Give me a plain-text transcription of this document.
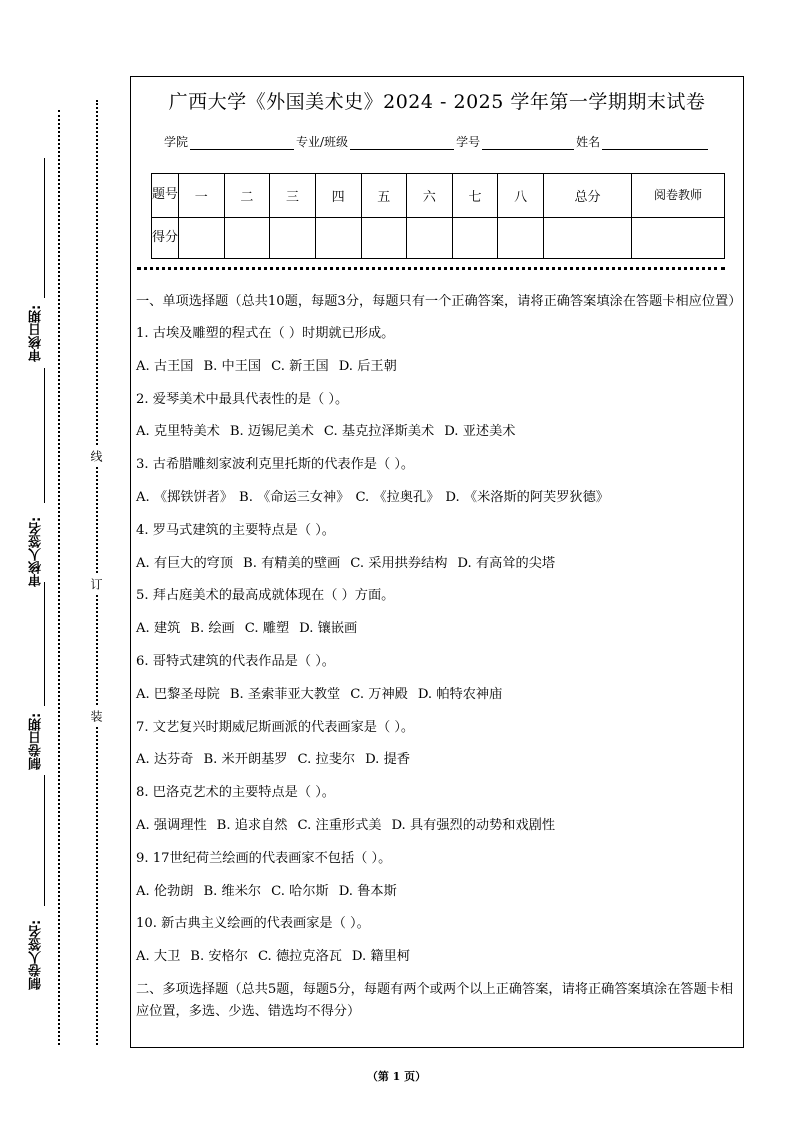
审核日期:
审核人签名:
制卷日期:
制卷人签名:
线
订
装
广西大学《外国美术史》2024 - 2025 学年第一学期期末试卷
学院	专业/班级	学号	姓名
题号	一	二	三	四	五	六	七	八	总分	阅卷教师
得分										
一、单项选择题（总共10题，每题3分，每题只有一个正确答案，请将正确答案填涂在答题卡相应位置）
1. 古埃及雕塑的程式在（ ）时期就已形成。
A. 古王国 B. 中王国 C. 新王国 D. 后王朝
2. 爱琴美术中最具代表性的是（ ）。
A. 克里特美术 B. 迈锡尼美术 C. 基克拉泽斯美术 D. 亚述美术
3. 古希腊雕刻家波利克里托斯的代表作是（ ）。
A. 《掷铁饼者》 B. 《命运三女神》 C. 《拉奥孔》 D. 《米洛斯的阿芙罗狄德》
4. 罗马式建筑的主要特点是（ ）。
A. 有巨大的穹顶 B. 有精美的壁画 C. 采用拱券结构 D. 有高耸的尖塔
5. 拜占庭美术的最高成就体现在（ ）方面。
A. 建筑 B. 绘画 C. 雕塑 D. 镶嵌画
6. 哥特式建筑的代表作品是（ ）。
A. 巴黎圣母院 B. 圣索菲亚大教堂 C. 万神殿 D. 帕特农神庙
7. 文艺复兴时期威尼斯画派的代表画家是（ ）。
A. 达芬奇 B. 米开朗基罗 C. 拉斐尔 D. 提香
8. 巴洛克艺术的主要特点是（ ）。
A. 强调理性 B. 追求自然 C. 注重形式美 D. 具有强烈的动势和戏剧性
9. 17世纪荷兰绘画的代表画家不包括（ ）。
A. 伦勃朗 B. 维米尔 C. 哈尔斯 D. 鲁本斯
10. 新古典主义绘画的代表画家是（ ）。
A. 大卫 B. 安格尔 C. 德拉克洛瓦 D. 籍里柯
二、多项选择题（总共5题，每题5分，每题有两个或两个以上正确答案，请将正确答案填涂在答题卡相应位置，多选、少选、错选均不得分）
（第 1 页）
